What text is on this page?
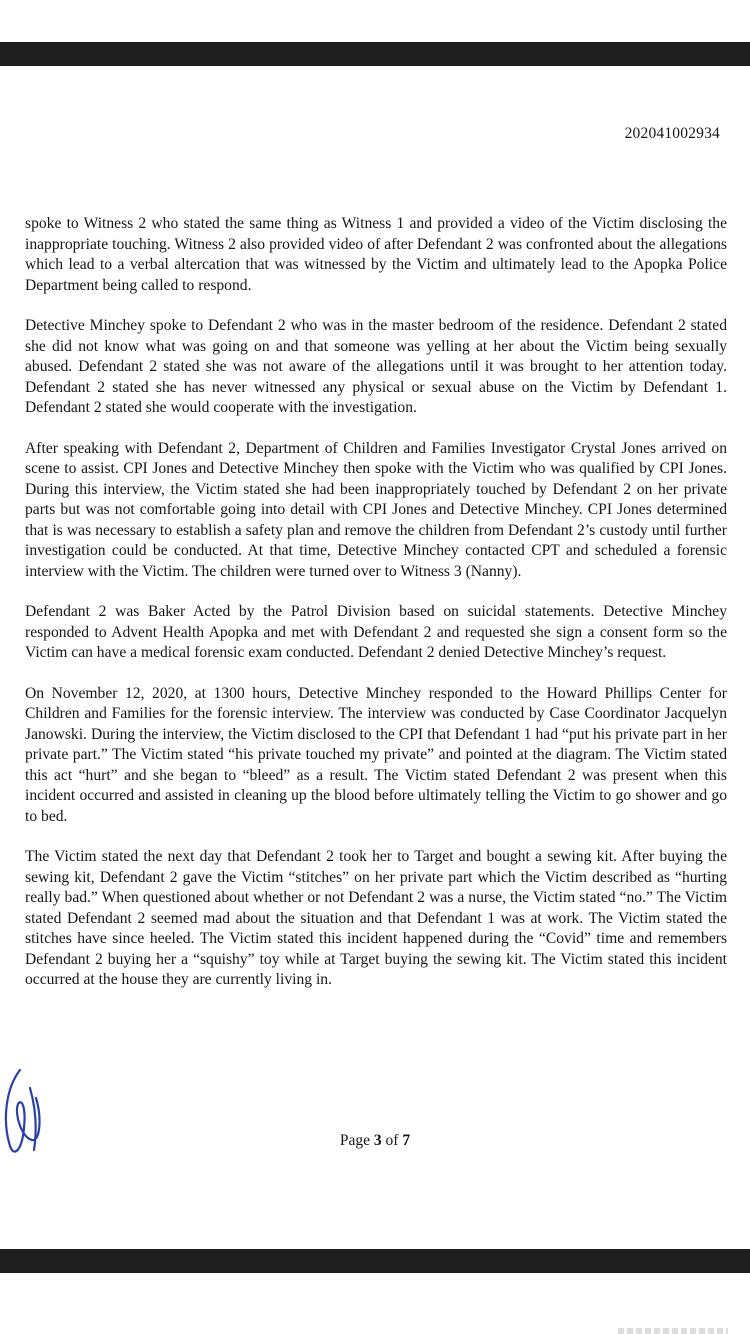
202041002934

spoke to Witness 2 who stated the same thing as Witness 1 and provided a video of the Victim disclosing the inappropriate touching. Witness 2 also provided video of after Defendant 2 was confronted about the allegations which lead to a verbal altercation that was witnessed by the Victim and ultimately lead to the Apopka Police Department being called to respond.

Detective Minchey spoke to Defendant 2 who was in the master bedroom of the residence. Defendant 2 stated she did not know what was going on and that someone was yelling at her about the Victim being sexually abused. Defendant 2 stated she was not aware of the allegations until it was brought to her attention today. Defendant 2 stated she has never witnessed any physical or sexual abuse on the Victim by Defendant 1. Defendant 2 stated she would cooperate with the investigation.

After speaking with Defendant 2, Department of Children and Families Investigator Crystal Jones arrived on scene to assist. CPI Jones and Detective Minchey then spoke with the Victim who was qualified by CPI Jones. During this interview, the Victim stated she had been inappropriately touched by Defendant 2 on her private parts but was not comfortable going into detail with CPI Jones and Detective Minchey. CPI Jones determined that is was necessary to establish a safety plan and remove the children from Defendant 2’s custody until further investigation could be conducted. At that time, Detective Minchey contacted CPT and scheduled a forensic interview with the Victim. The children were turned over to Witness 3 (Nanny).

Defendant 2 was Baker Acted by the Patrol Division based on suicidal statements. Detective Minchey responded to Advent Health Apopka and met with Defendant 2 and requested she sign a consent form so the Victim can have a medical forensic exam conducted. Defendant 2 denied Detective Minchey’s request.

On November 12, 2020, at 1300 hours, Detective Minchey responded to the Howard Phillips Center for Children and Families for the forensic interview. The interview was conducted by Case Coordinator Jacquelyn Janowski. During the interview, the Victim disclosed to the CPI that Defendant 1 had “put his private part in her private part.” The Victim stated “his private touched my private” and pointed at the diagram. The Victim stated this act “hurt” and she began to “bleed” as a result. The Victim stated Defendant 2 was present when this incident occurred and assisted in cleaning up the blood before ultimately telling the Victim to go shower and go to bed.

The Victim stated the next day that Defendant 2 took her to Target and bought a sewing kit. After buying the sewing kit, Defendant 2 gave the Victim “stitches” on her private part which the Victim described as “hurting really bad.” When questioned about whether or not Defendant 2 was a nurse, the Victim stated “no.” The Victim stated Defendant 2 seemed mad about the situation and that Defendant 1 was at work. The Victim stated the stitches have since heeled. The Victim stated this incident happened during the “Covid” time and remembers Defendant 2 buying her a “squishy” toy while at Target buying the sewing kit. The Victim stated this incident occurred at the house they are currently living in.

Page 3 of 7
